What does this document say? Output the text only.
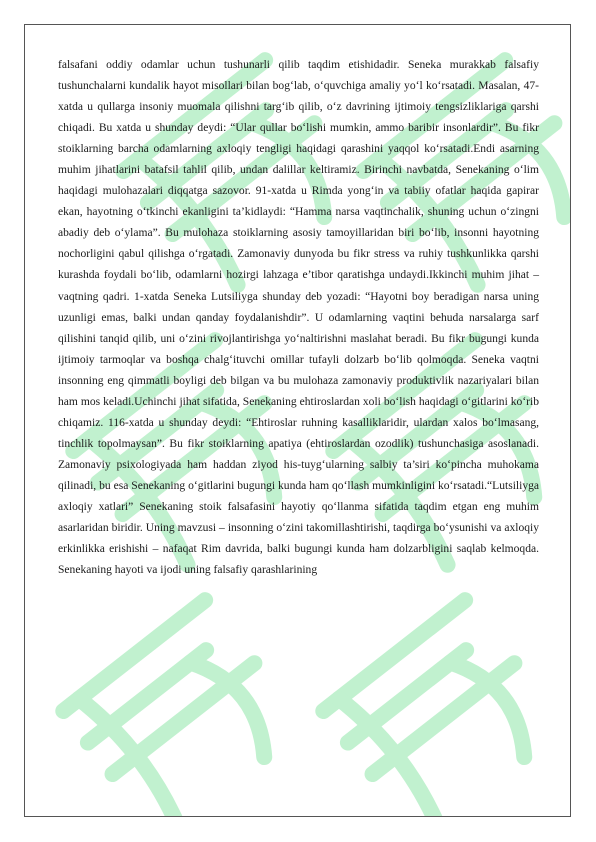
falsafani oddiy odamlar uchun tushunarli qilib taqdim etishidadir. Seneka murakkab falsafiy tushunchalarni kundalik hayot misollari bilan bog‘lab, o‘quvchiga amaliy yo‘l ko‘rsatadi. Masalan, 47-xatda u qullarga insoniy muomala qilishni targ‘ib qilib, o‘z davrining ijtimoiy tengsizliklariga qarshi chiqadi. Bu xatda u shunday deydi: “Ular qullar bo‘lishi mumkin, ammo baribir insonlardir”. Bu fikr stoiklarning barcha odamlarning axloqiy tengligi haqidagi qarashini yaqqol ko‘rsatadi.Endi asarning muhim jihatlarini batafsil tahlil qilib, undan dalillar keltiramiz. Birinchi navbatda, Senekaning o‘lim haqidagi mulohazalari diqqatga sazovor. 91-xatda u Rimda yong‘in va tabiiy ofatlar haqida gapirar ekan, hayotning o‘tkinchi ekanligini ta’kidlaydi: “Hamma narsa vaqtinchalik, shuning uchun o‘zingni abadiy deb o‘ylama”. Bu mulohaza stoiklarning asosiy tamoyillaridan biri bo‘lib, insonni hayotning nochorligini qabul qilishga o‘rgatadi. Zamonaviy dunyoda bu fikr stress va ruhiy tushkunlikka qarshi kurashda foydali bo‘lib, odamlarni hozirgi lahzaga e’tibor qaratishga undaydi.Ikkinchi muhim jihat – vaqtning qadri. 1-xatda Seneka Lutsiliyga shunday deb yozadi: “Hayotni boy beradigan narsa uning uzunligi emas, balki undan qanday foydalanishdir”. U odamlarning vaqtini behuda narsalarga sarf qilishini tanqid qilib, uni o‘zini rivojlantirishga yo‘naltirishni maslahat beradi. Bu fikr bugungi kunda ijtimoiy tarmoqlar va boshqa chalg‘ituvchi omillar tufayli dolzarb bo‘lib qolmoqda. Seneka vaqtni insonning eng qimmatli boyligi deb bilgan va bu mulohaza zamonaviy produktivlik nazariyalari bilan ham mos keladi.Uchinchi jihat sifatida, Senekaning ehtiroslardan xoli bo‘lish haqidagi o‘gitlarini ko‘rib chiqamiz. 116-xatda u shunday deydi: “Ehtiroslar ruhning kasalliklaridir, ulardan xalos bo‘lmasang, tinchlik topolmaysan”. Bu fikr stoiklarning apatiya (ehtiroslardan ozodlik) tushunchasiga asoslanadi. Zamonaviy psixologiyada ham haddan ziyod his-tuyg‘ularning salbiy ta’siri ko‘pincha muhokama qilinadi, bu esa Senekaning o‘gitlarini bugungi kunda ham qo‘llash mumkinligini ko‘rsatadi.“Lutsiliyga axloqiy xatlari” Senekaning stoik falsafasini hayotiy qo‘llanma sifatida taqdim etgan eng muhim asarlaridan biridir. Uning mavzusi – insonning o‘zini takomillashtirishi, taqdirga bo‘ysunishi va axloqiy erkinlikka erishishi – nafaqat Rim davrida, balki bugungi kunda ham dolzarbligini saqlab kelmoqda. Senekaning hayoti va ijodi uning falsafiy qarashlarining
